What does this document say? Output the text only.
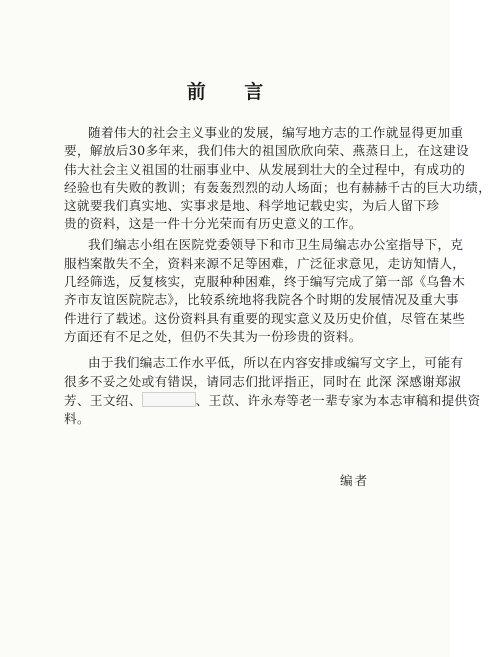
前 言
随着伟大的社会主义事业的发展，编写地方志的工作就显得更加重
要，解放后30多年来，我们伟大的祖国欣欣向荣、燕蒸日上，在这建设
伟大社会主义祖国的壮丽事业中、从发展到壮大的全过程中，有成功的
经验也有失败的教训；有轰轰烈烈的动人场面；也有赫赫千古的巨大功绩，
这就要我们真实地、实事求是地、科学地记载史实，为后人留下珍
贵的资料，这是一件十分光荣而有历史意义的工作。
我们编志小组在医院党委领导下和市卫生局编志办公室指导下，克
服档案散失不全，资料来源不足等困难，广泛征求意见，走访知情人，
几经筛选，反复核实，克服种种困难，终于编写完成了第一部《乌鲁木
齐市友谊医院院志》，比较系统地将我院各个时期的发展情况及重大事
件进行了载述。这份资料具有重要的现实意义及历史价值，尽管在某些
方面还有不足之处，但仍不失其为一份珍贵的资料。
由于我们编志工作水平低，所以在内容安排或编写文字上，可能有
很多不妥之处或有错误，请同志们批评指正，同时在 此深 深感谢郑淑
芳、王文绍、	、王苡、许永寿等老一辈专家为本志审稿和提供资
料。
编者
